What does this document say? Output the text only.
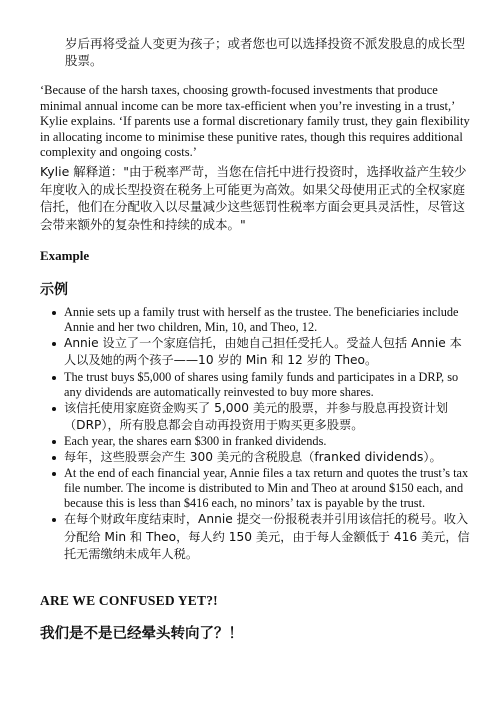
岁后再将受益人变更为孩子；或者您也可以选择投资不派发股息的成长型股票。

‘Because of the harsh taxes, choosing growth-focused investments that produce minimal annual income can be more tax-efficient when you’re investing in a trust,’ Kylie explains. ‘If parents use a formal discretionary family trust, they gain flexibility in allocating income to minimise these punitive rates, though this requires additional complexity and ongoing costs.’

Kylie 解释道："由于税率严苛，当您在信托中进行投资时，选择收益产生较少年度收入的成长型投资在税务上可能更为高效。如果父母使用正式的全权家庭信托，他们在分配收入以尽量减少这些惩罚性税率方面会更具灵活性，尽管这会带来额外的复杂性和持续的成本。"

Example
示例
Annie sets up a family trust with herself as the trustee. The beneficiaries include Annie and her two children, Min, 10, and Theo, 12.
Annie 设立了一个家庭信托，由她自己担任受托人。受益人包括 Annie 本人以及她的两个孩子——10 岁的 Min 和 12 岁的 Theo。
The trust buys $5,000 of shares using family funds and participates in a DRP, so any dividends are automatically reinvested to buy more shares.
该信托使用家庭资金购买了 5,000 美元的股票，并参与股息再投资计划（DRP），所有股息都会自动再投资用于购买更多股票。
Each year, the shares earn $300 in franked dividends.
每年，这些股票会产生 300 美元的含税股息（franked dividends）。
At the end of each financial year, Annie files a tax return and quotes the trust’s tax file number. The income is distributed to Min and Theo at around $150 each, and because this is less than $416 each, no minors’ tax is payable by the trust.
在每个财政年度结束时，Annie 提交一份报税表并引用该信托的税号。收入分配给 Min 和 Theo，每人约 150 美元，由于每人金额低于 416 美元，信托无需缴纳未成年人税。
ARE WE CONFUSED YET?!
我们是不是已经晕头转向了？！
